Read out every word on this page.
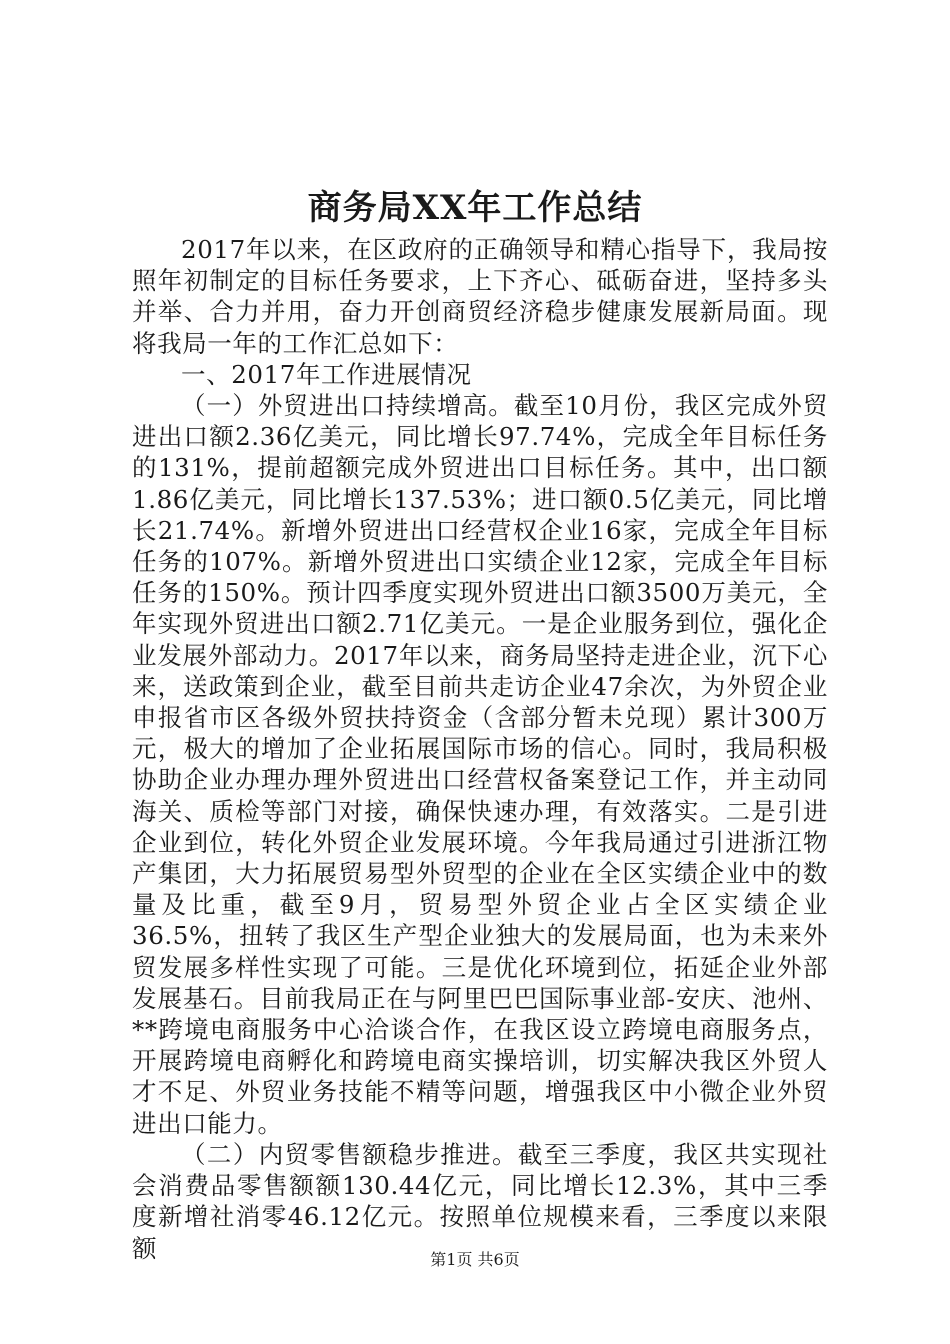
商务局XX年工作总结

2017年以来，在区政府的正确领导和精心指导下，我局按照年初制定的目标任务要求，上下齐心、砥砺奋进，坚持多头并举、合力并用，奋力开创商贸经济稳步健康发展新局面。现将我局一年的工作汇总如下：

一、2017年工作进展情况

（一）外贸进出口持续增高。截至10月份，我区完成外贸进出口额2.36亿美元，同比增长97.74%，完成全年目标任务的131%，提前超额完成外贸进出口目标任务。其中，出口额1.86亿美元，同比增长137.53%；进口额0.5亿美元，同比增长21.74%。新增外贸进出口经营权企业16家，完成全年目标任务的107%。新增外贸进出口实绩企业12家，完成全年目标任务的150%。预计四季度实现外贸进出口额3500万美元，全年实现外贸进出口额2.71亿美元。一是企业服务到位，强化企业发展外部动力。2017年以来，商务局坚持走进企业，沉下心来，送政策到企业，截至目前共走访企业47余次，为外贸企业申报省市区各级外贸扶持资金（含部分暂未兑现）累计300万元，极大的增加了企业拓展国际市场的信心。同时，我局积极协助企业办理办理外贸进出口经营权备案登记工作，并主动同海关、质检等部门对接，确保快速办理，有效落实。二是引进企业到位，转化外贸企业发展环境。今年我局通过引进浙江物产集团，大力拓展贸易型外贸型的企业在全区实绩企业中的数量及比重，截至9月，贸易型外贸企业占全区实绩企业36.5%，扭转了我区生产型企业独大的发展局面，也为未来外贸发展多样性实现了可能。三是优化环境到位，拓延企业外部发展基石。目前我局正在与阿里巴巴国际事业部-安庆、池州、**跨境电商服务中心洽谈合作，在我区设立跨境电商服务点，开展跨境电商孵化和跨境电商实操培训，切实解决我区外贸人才不足、外贸业务技能不精等问题，增强我区中小微企业外贸进出口能力。

（二）内贸零售额稳步推进。截至三季度，我区共实现社会消费品零售额额130.44亿元，同比增长12.3%，其中三季度新增社消零46.12亿元。按照单位规模来看，三季度以来限额	第1页 共6页
